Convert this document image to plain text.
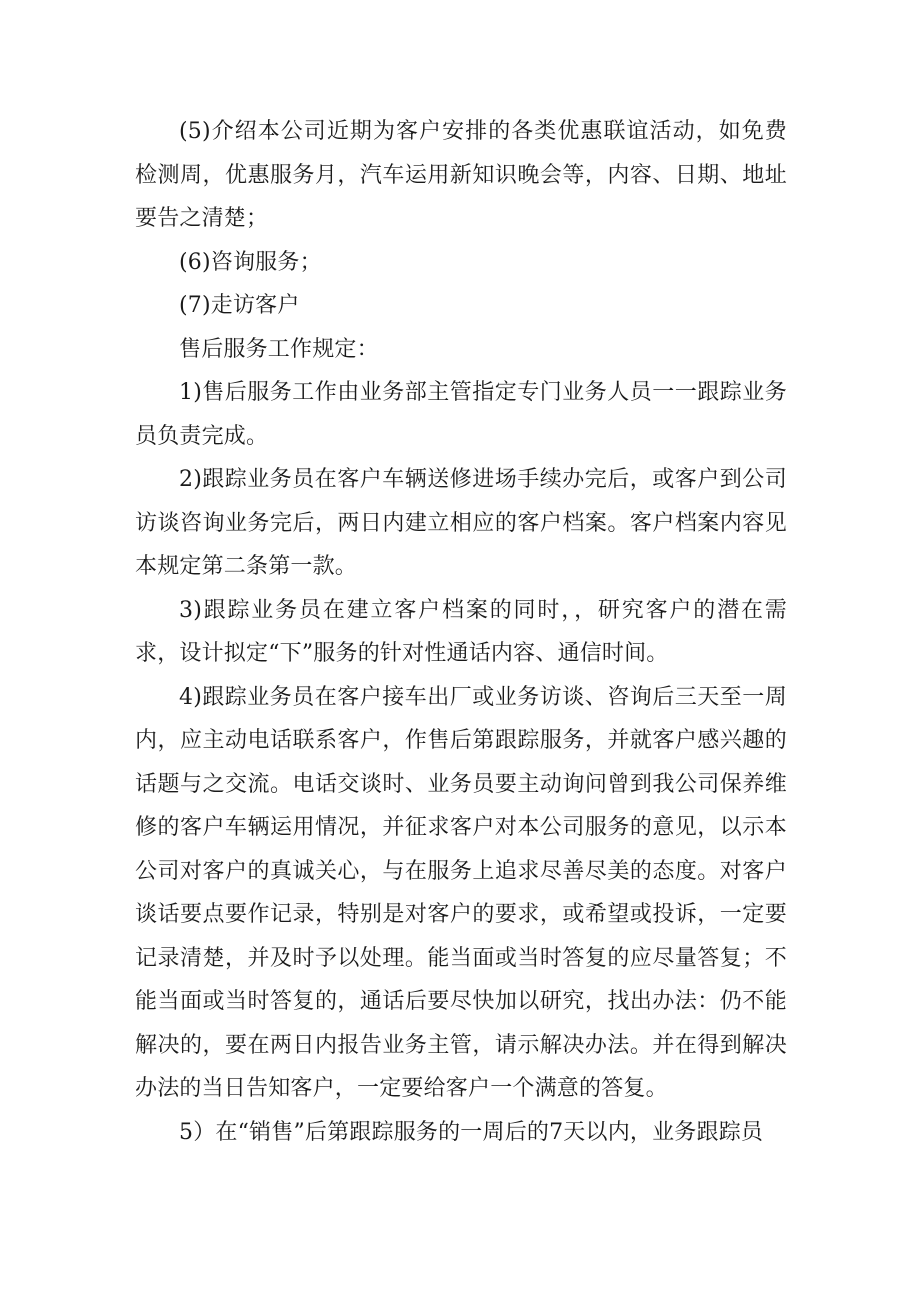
(5)介绍本公司近期为客户安排的各类优惠联谊活动，如免费检测周，优惠服务月，汽车运用新知识晚会等，内容、日期、地址要告之清楚；

(6)咨询服务；

(7)走访客户

售后服务工作规定：

1)售后服务工作由业务部主管指定专门业务人员一一跟踪业务员负责完成。

2)跟踪业务员在客户车辆送修进场手续办完后，或客户到公司访谈咨询业务完后，两日内建立相应的客户档案。客户档案内容见本规定第二条第一款。

3)跟踪业务员在建立客户档案的同时，，研究客户的潜在需求，设计拟定“下”服务的针对性通话内容、通信时间。

4)跟踪业务员在客户接车出厂或业务访谈、咨询后三天至一周内，应主动电话联系客户，作售后第跟踪服务，并就客户感兴趣的话题与之交流。电话交谈时、业务员要主动询问曾到我公司保养维修的客户车辆运用情况，并征求客户对本公司服务的意见，以示本公司对客户的真诚关心，与在服务上追求尽善尽美的态度。对客户谈话要点要作记录，特别是对客户的要求，或希望或投诉，一定要记录清楚，并及时予以处理。能当面或当时答复的应尽量答复；不能当面或当时答复的，通话后要尽快加以研究，找出办法：仍不能解决的，要在两日内报告业务主管，请示解决办法。并在得到解决办法的当日告知客户，一定要给客户一个满意的答复。

5）在“销售”后第跟踪服务的一周后的7天以内，业务跟踪员
